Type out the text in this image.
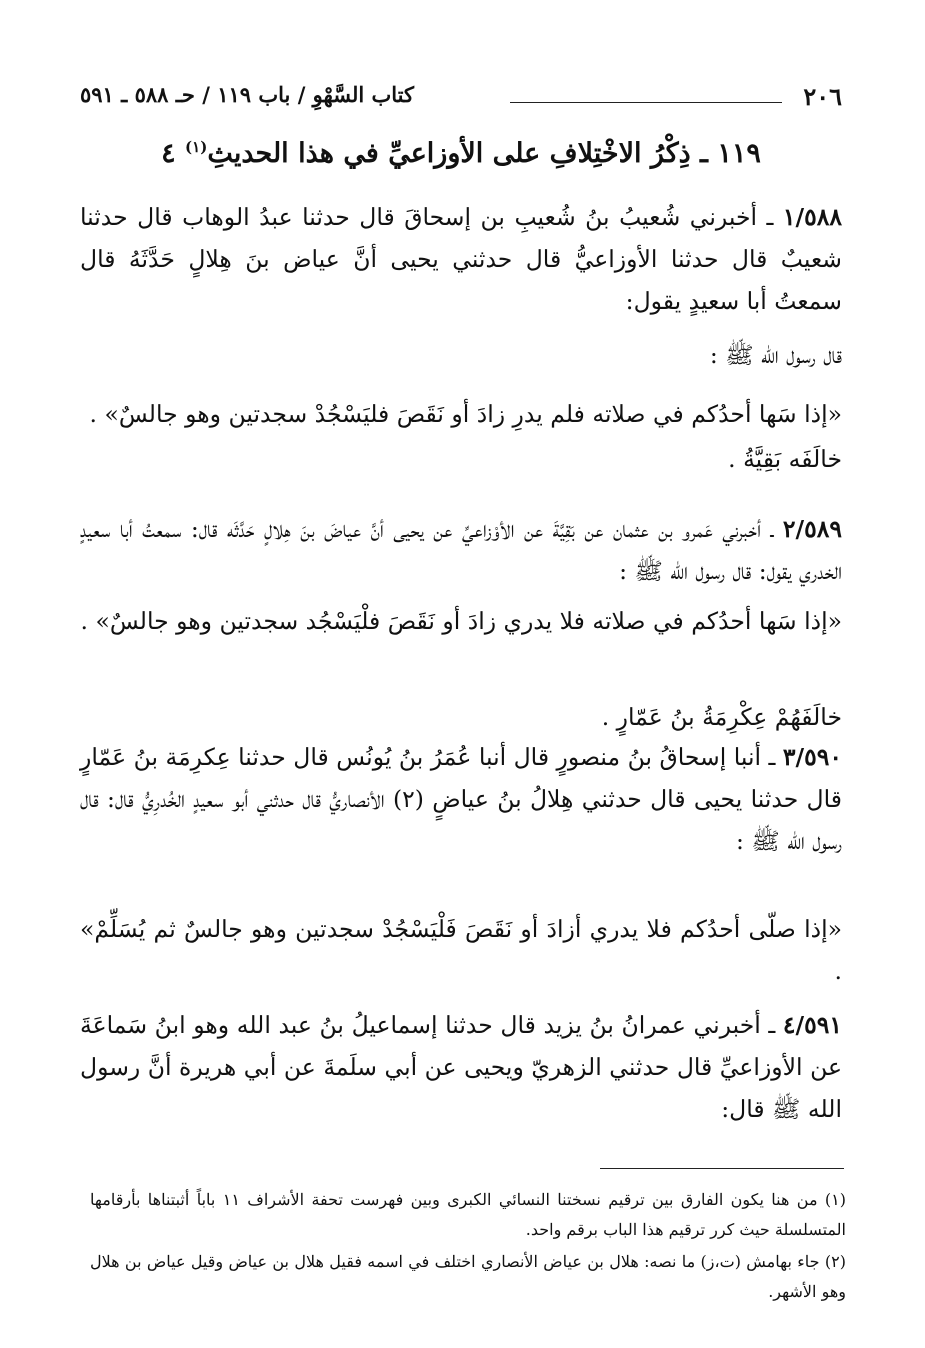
٢٠٦
كتاب السَّهْوِ / باب ١١٩ / حـ ٥٨٨ ـ ٥٩١
١١٩ ـ ذِكْرُ الاخْتِلافِ على الأوزاعيِّ في هذا الحديثِ$^{(١)}$ ٤
١/٥٨٨ ـ أخبرني شُعيبُ بنُ شُعيبِ بن إسحاقَ قال حدثنا عبدُ الوهاب قال حدثنا شعيبٌ قال حدثنا الأوزاعيُّ قال حدثني يحيى أنَّ عياض بنَ هِلالٍ حَدَّثَهُ قال سمعتُ أبا سعيدٍ يقول:
قال رسول الله ﷺ :
«إذا سَها أحدُكم في صلاته فلم يدرِ زادَ أو نَقَصَ فليَسْجُدْ سجدتين وهو جالسٌ» .
خالَفَه بَقِيَّةُ .
٢/٥٨٩ ـ أخبرني عَمرو بن عثمان عن بَقِيَّةَ عن الأوْزاعيِّ عن يحيى أنَّ عياضَ بنَ هِلالٍ حَدَّثَه قال: سمعتُ أبا سعيدٍ الخدري يقول: قال رسول الله ﷺ :
«إذا سَها أحدُكم في صلاته فلا يدري زادَ أو نَقَصَ فلْيَسْجُد سجدتين وهو جالسٌ» .
خالَفَهُمْ عِكْرِمَةُ بنُ عَمّارٍ .
٣/٥٩٠ ـ أنبا إسحاقُ بنُ منصورٍ قال أنبا عُمَرُ بنُ يُونُس قال حدثنا عِكرِمَة بنُ عَمّارٍ قال حدثنا يحيى قال حدثني هِلالُ بنُ عياضٍ (٢) الأنصاريُّ قال حدثني أبو سعيدٍ الخُدرِيُّ قال: قال رسول الله ﷺ :
«إذا صلّى أحدُكم فلا يدري أزادَ أو نَقَصَ فَلْيَسْجُدْ سجدتين وهو جالسٌ ثم يُسَلِّمْ» .
٤/٥٩١ ـ أخبرني عمرانُ بنُ يزيد قال حدثنا إسماعيلُ بنُ عبد الله وهو ابنُ سَماعَةَ عن الأوزاعيِّ قال حدثني الزهريّ ويحيى عن أبي سلَمةَ عن أبي هريرة أنَّ رسول الله ﷺ قال:
(١) من هنا يكون الفارق بين ترقيم نسختنا النسائي الكبرى وبين فهرست تحفة الأشراف ١١ باباً أثبتناها بأرقامها المتسلسلة حيث كرر ترقيم هذا الباب برقم واحد.
(٢) جاء بهامش (ت،ز) ما نصه: هلال بن عياض الأنصاري اختلف في اسمه فقيل هلال بن عياض وقيل عياض بن هلال وهو الأشهر.
